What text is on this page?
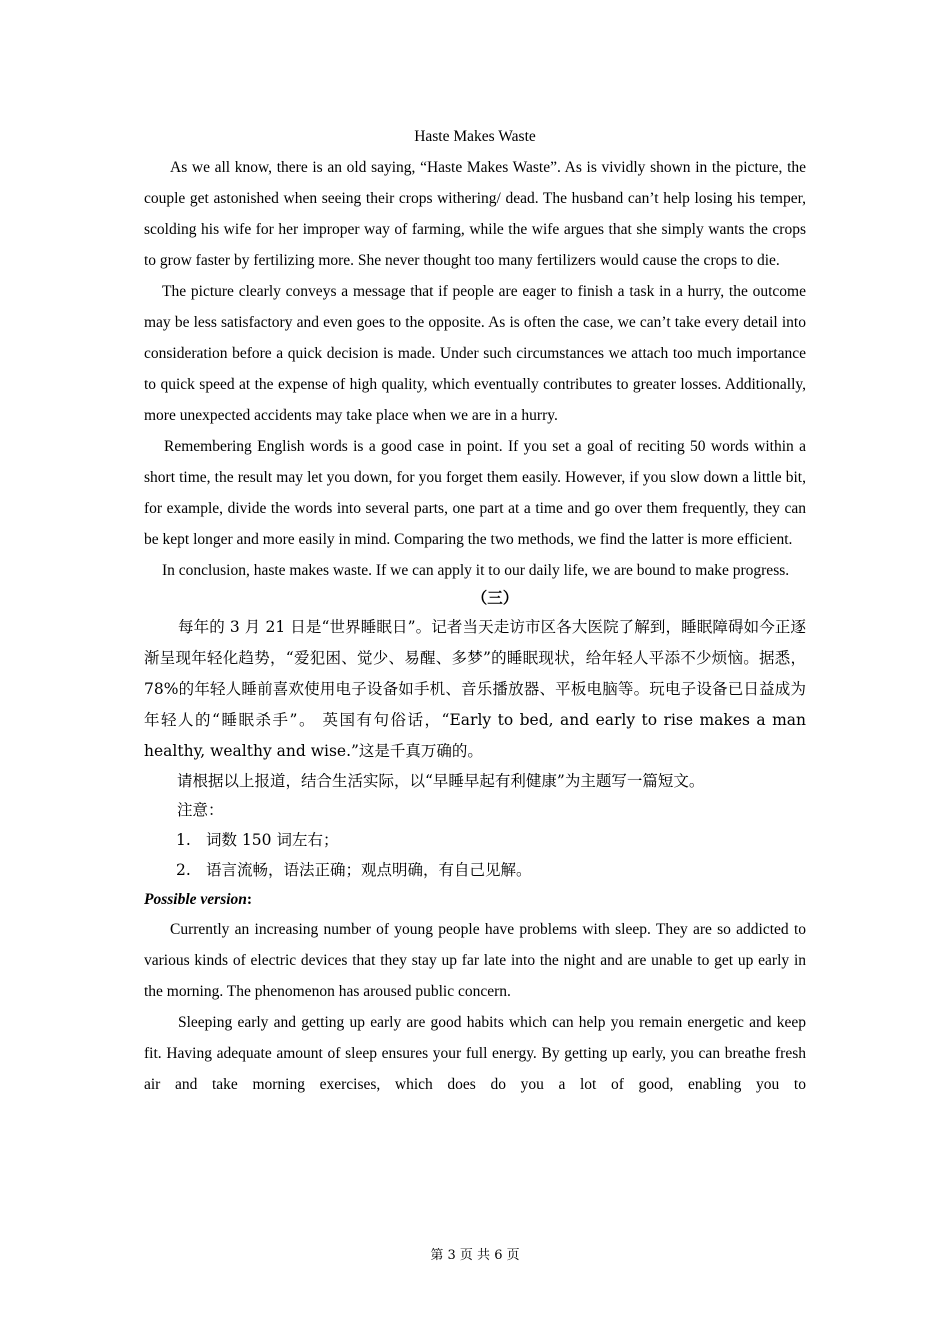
Haste Makes Waste

As we all know, there is an old saying, “Haste Makes Waste”. As is vividly shown in the picture, the couple get astonished when seeing their crops withering/ dead. The husband can’t help losing his temper, scolding his wife for her improper way of farming, while the wife argues that she simply wants the crops to grow faster by fertilizing more. She never thought too many fertilizers would cause the crops to die.

The picture clearly conveys a message that if people are eager to finish a task in a hurry, the outcome may be less satisfactory and even goes to the opposite. As is often the case, we can’t take every detail into consideration before a quick decision is made. Under such circumstances we attach too much importance to quick speed at the expense of high quality, which eventually contributes to greater losses. Additionally, more unexpected accidents may take place when we are in a hurry.

Remembering English words is a good case in point. If you set a goal of reciting 50 words within a short time, the result may let you down, for you forget them easily. However, if you slow down a little bit, for example, divide the words into several parts, one part at a time and go over them frequently, they can be kept longer and more easily in mind. Comparing the two methods, we find the latter is more efficient.

In conclusion, haste makes waste. If we can apply it to our daily life, we are bound to make progress.

（三）

每年的 3 月 21 日是“世界睡眠日”。记者当天走访市区各大医院了解到，睡眠障碍如今正逐渐呈现年轻化趋势，“爱犯困、觉少、易醒、多梦”的睡眠现状，给年轻人平添不少烦恼。据悉，78%的年轻人睡前喜欢使用电子设备如手机、音乐播放器、平板电脑等。玩电子设备已日益成为年轻人的“睡眠杀手”。 英国有句俗话，“Early to bed, and early to rise makes a man healthy, wealthy and wise.”这是千真万确的。

请根据以上报道，结合生活实际，以“早睡早起有利健康”为主题写一篇短文。

注意：

1. 词数 150 词左右；

2. 语言流畅，语法正确；观点明确，有自己见解。

Possible version:

Currently an increasing number of young people have problems with sleep. They are so addicted to various kinds of electric devices that they stay up far late into the night and are unable to get up early in the morning. The phenomenon has aroused public concern.

Sleeping early and getting up early are good habits which can help you remain energetic and keep fit. Having adequate amount of sleep ensures your full energy. By getting up early, you can breathe fresh air and take morning exercises, which does do you a lot of good, enabling you to

第 3 页 共 6 页
